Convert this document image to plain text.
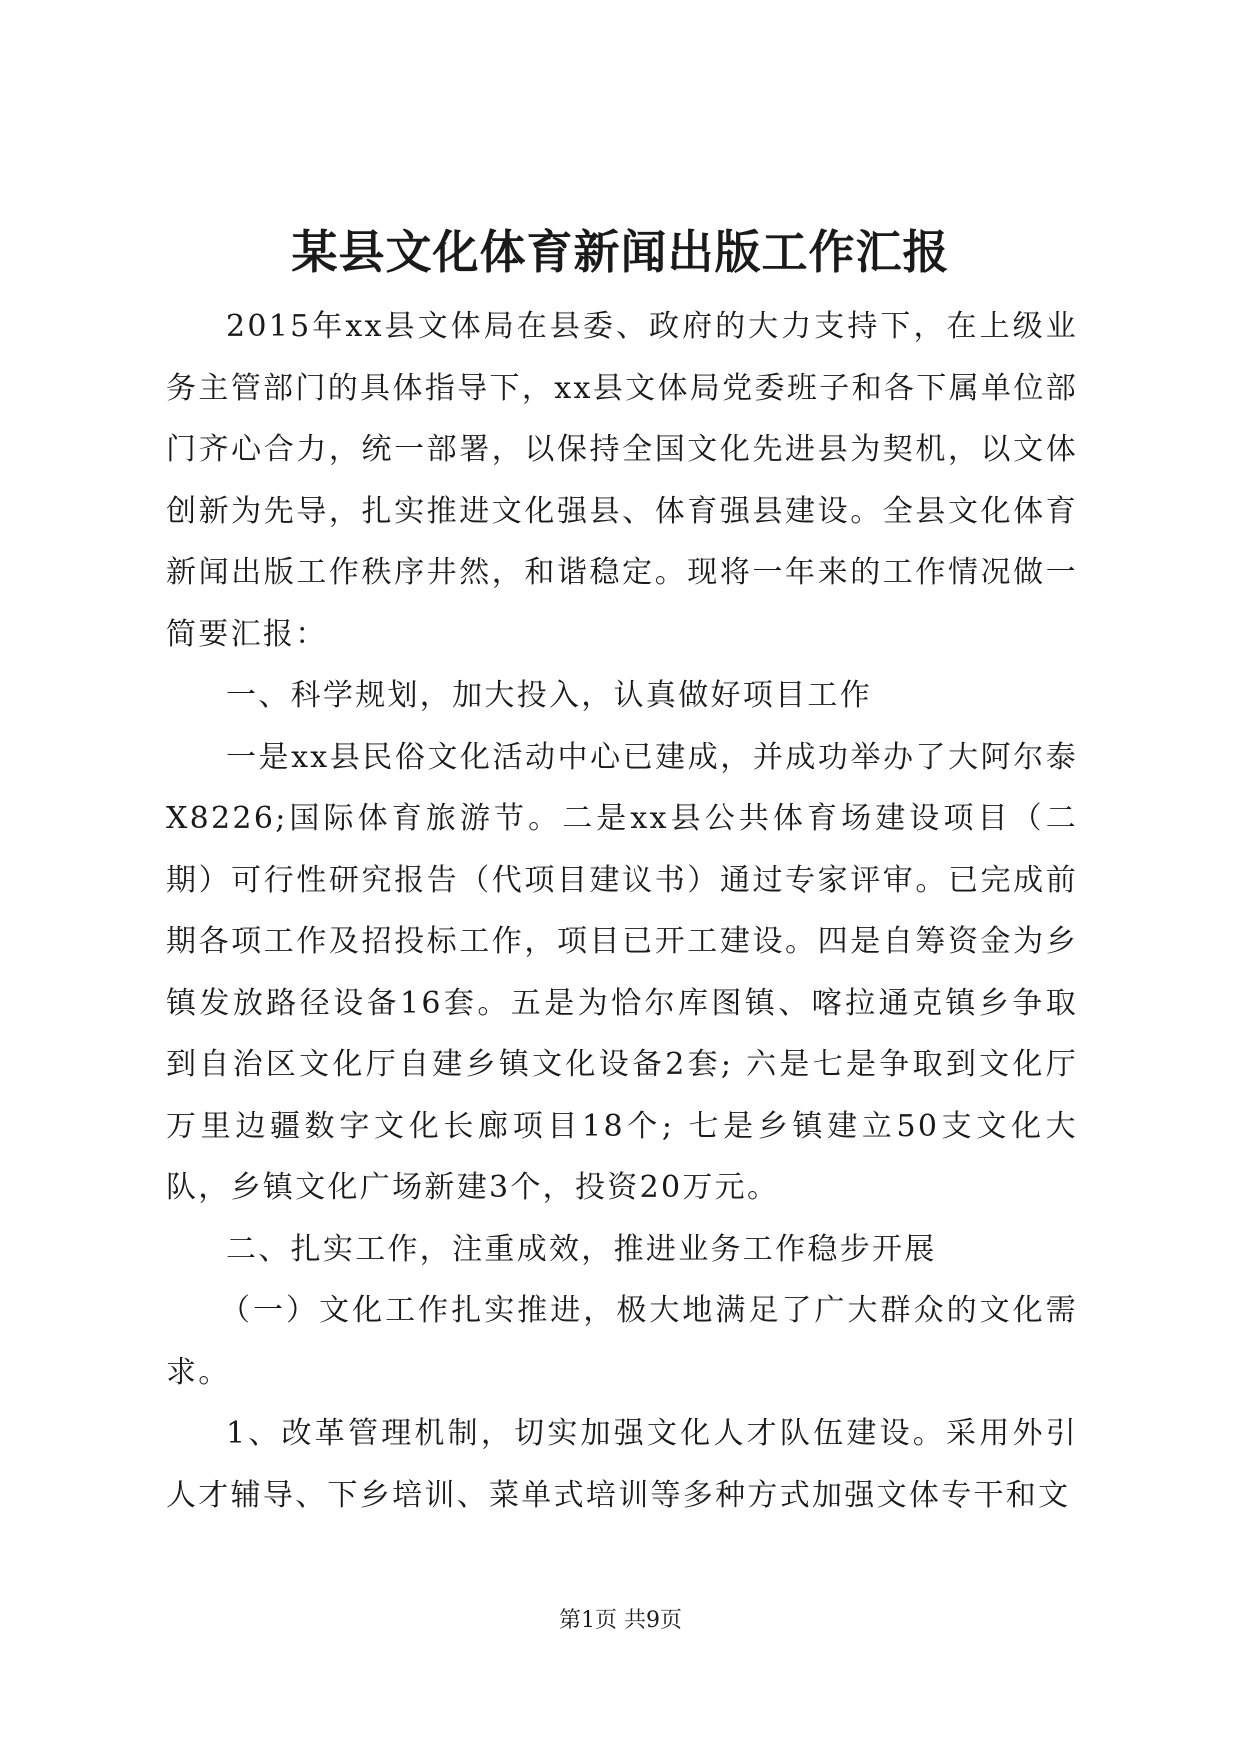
某县文化体育新闻出版工作汇报

2015年xx县文体局在县委、政府的大力支持下，在上级业务主管部门的具体指导下，xx县文体局党委班子和各下属单位部门齐心合力，统一部署，以保持全国文化先进县为契机，以文体创新为先导，扎实推进文化强县、体育强县建设。全县文化体育新闻出版工作秩序井然，和谐稳定。现将一年来的工作情况做一简要汇报：

一、科学规划，加大投入，认真做好项目工作

一是xx县民俗文化活动中心已建成，并成功举办了大阿尔泰X8226;国际体育旅游节。二是xx县公共体育场建设项目（二期）可行性研究报告（代项目建议书）通过专家评审。已完成前期各项工作及招投标工作，项目已开工建设。四是自筹资金为乡镇发放路径设备16套。五是为恰尔库图镇、喀拉通克镇乡争取到自治区文化厅自建乡镇文化设备2套; 六是七是争取到文化厅万里边疆数字文化长廊项目18个; 七是乡镇建立50支文化大队，乡镇文化广场新建3个，投资20万元。

二、扎实工作，注重成效，推进业务工作稳步开展

（一）文化工作扎实推进，极大地满足了广大群众的文化需求。

1、改革管理机制，切实加强文化人才队伍建设。采用外引人才辅导、下乡培训、菜单式培训等多种方式加强文体专干和文

第1页 共9页
